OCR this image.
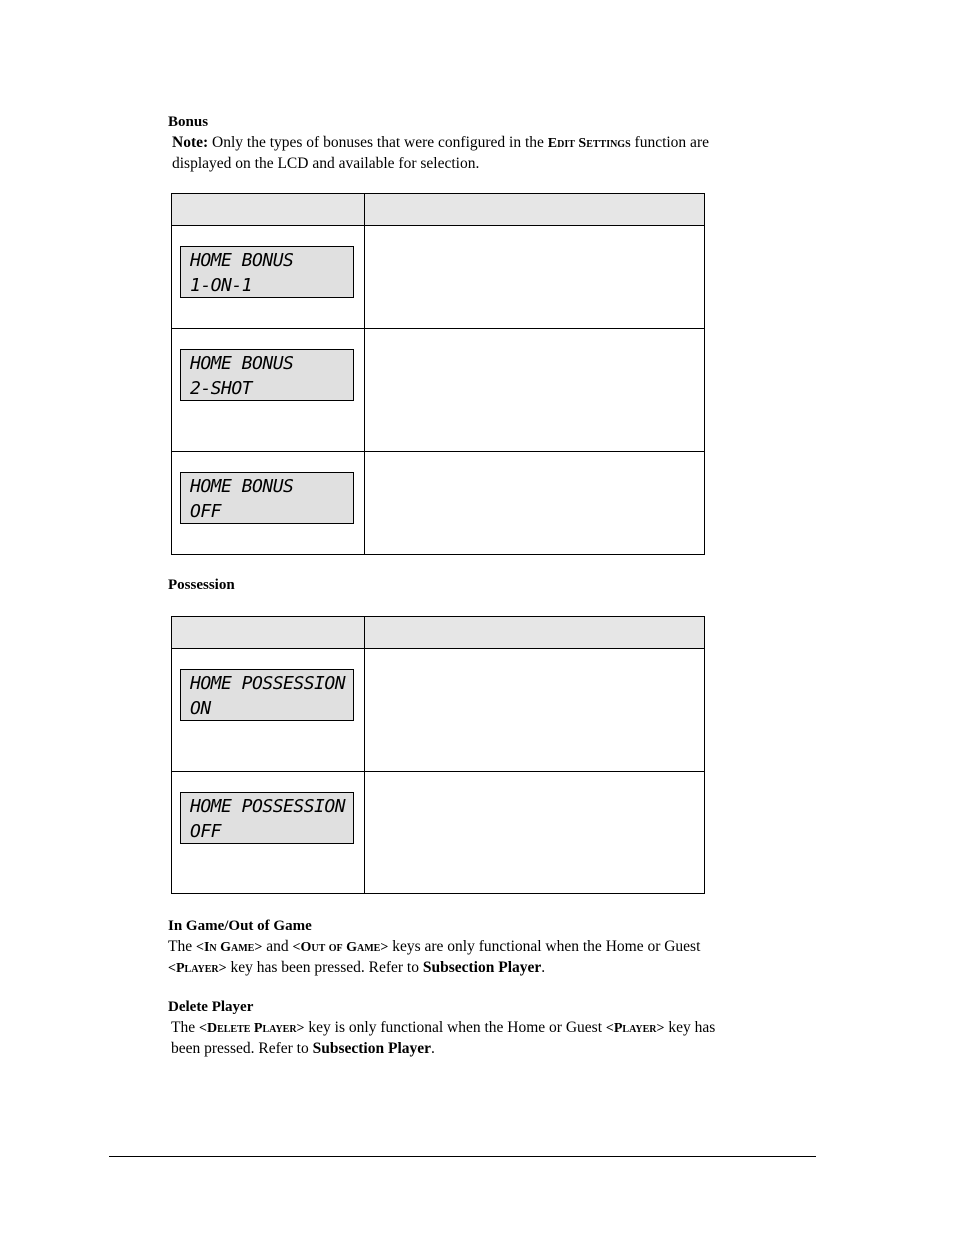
Bonus
Note: Only the types of bonuses that were configured in the Edit Settings function are
displayed on the LCD and available for selection.

HOME BONUS
1-ON-1	

HOME BONUS
2-SHOT	

HOME BONUS
OFF	

Possession

HOME POSSESSION
ON	

HOME POSSESSION
OFF	

In Game/Out of Game
The <In Game> and <Out of Game> keys are only functional when the Home or Guest
<Player> key has been pressed. Refer to Subsection Player.
Delete Player
The <Delete Player> key is only functional when the Home or Guest <Player> key has
been pressed. Refer to Subsection Player.
